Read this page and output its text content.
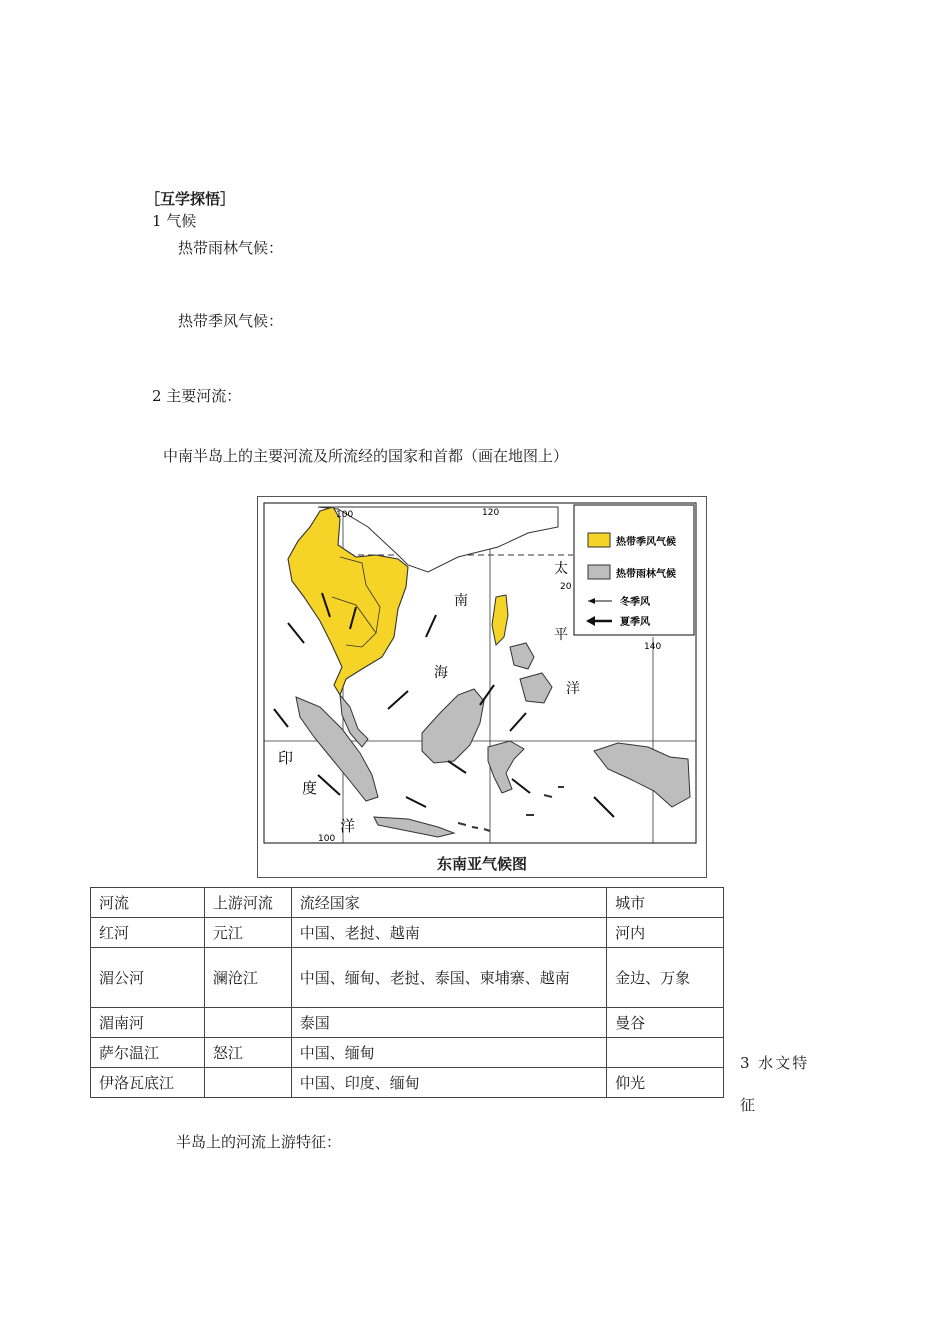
［互学探悟］
1 气候
热带雨林气候：
热带季风气候：
2 主要河流：
中南半岛上的主要河流及所流经的国家和首都（画在地图上）
热带季风气候
热带雨林气候
冬季风
夏季风
南
海
太
平
洋
印
度
洋
100	120
140
20
100
东南亚气候图
河流	上游河流	流经国家	城市
红河	元江	中国、老挝、越南	河内
湄公河	澜沧江	中国、缅甸、老挝、泰国、柬埔寨、越南	金边、万象
湄南河		泰国	曼谷
萨尔温江	怒江	中国、缅甸	
伊洛瓦底江		中国、印度、缅甸	仰光
3 水文特
征
半岛上的河流上游特征：
